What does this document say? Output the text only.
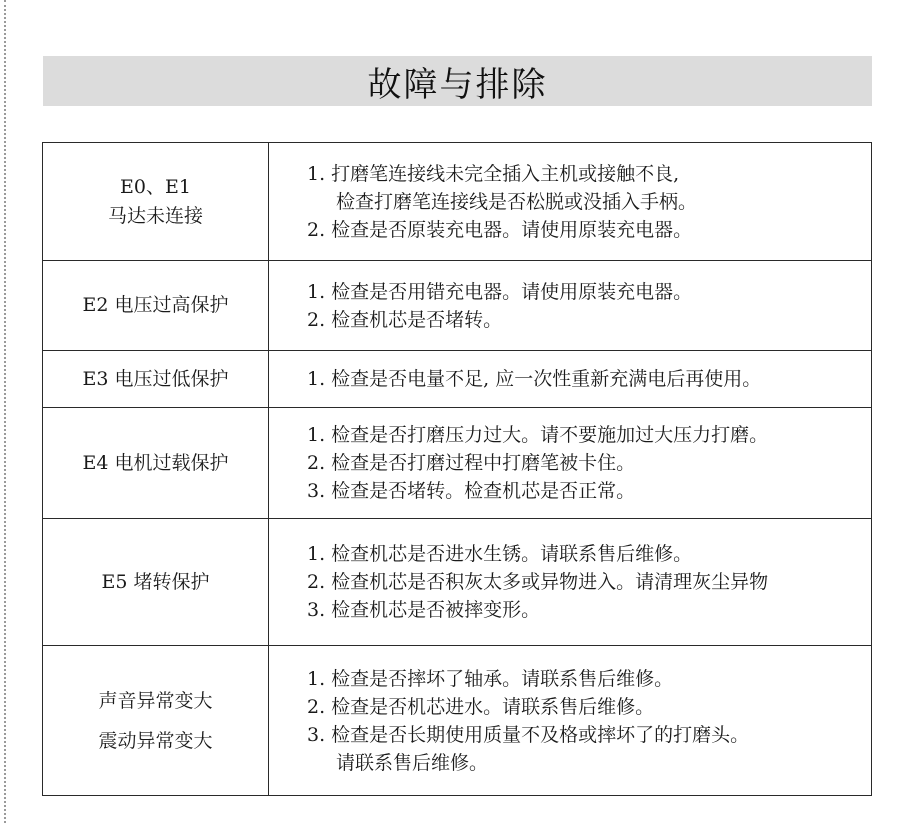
故障与排除
E0、E1
马达未连接	1. 打磨笔连接线未完全插入主机或接触不良,
检查打磨笔连接线是否松脱或没插入手柄。
2. 检查是否原装充电器。请使用原装充电器。

E2 电压过高保护	1. 检查是否用错充电器。请使用原装充电器。
2. 检查机芯是否堵转。

E3 电压过低保护	1. 检查是否电量不足, 应一次性重新充满电后再使用。

E4 电机过载保护	1. 检查是否打磨压力过大。请不要施加过大压力打磨。
2. 检查是否打磨过程中打磨笔被卡住。
3. 检查是否堵转。检查机芯是否正常。

E5 堵转保护	1. 检查机芯是否进水生锈。请联系售后维修。
2. 检查机芯是否积灰太多或异物进入。请清理灰尘异物
3. 检查机芯是否被摔变形。

声音异常变大
震动异常变大	1. 检查是否摔坏了轴承。请联系售后维修。
2. 检查是否机芯进水。请联系售后维修。
3. 检查是否长期使用质量不及格或摔坏了的打磨头。
请联系售后维修。
